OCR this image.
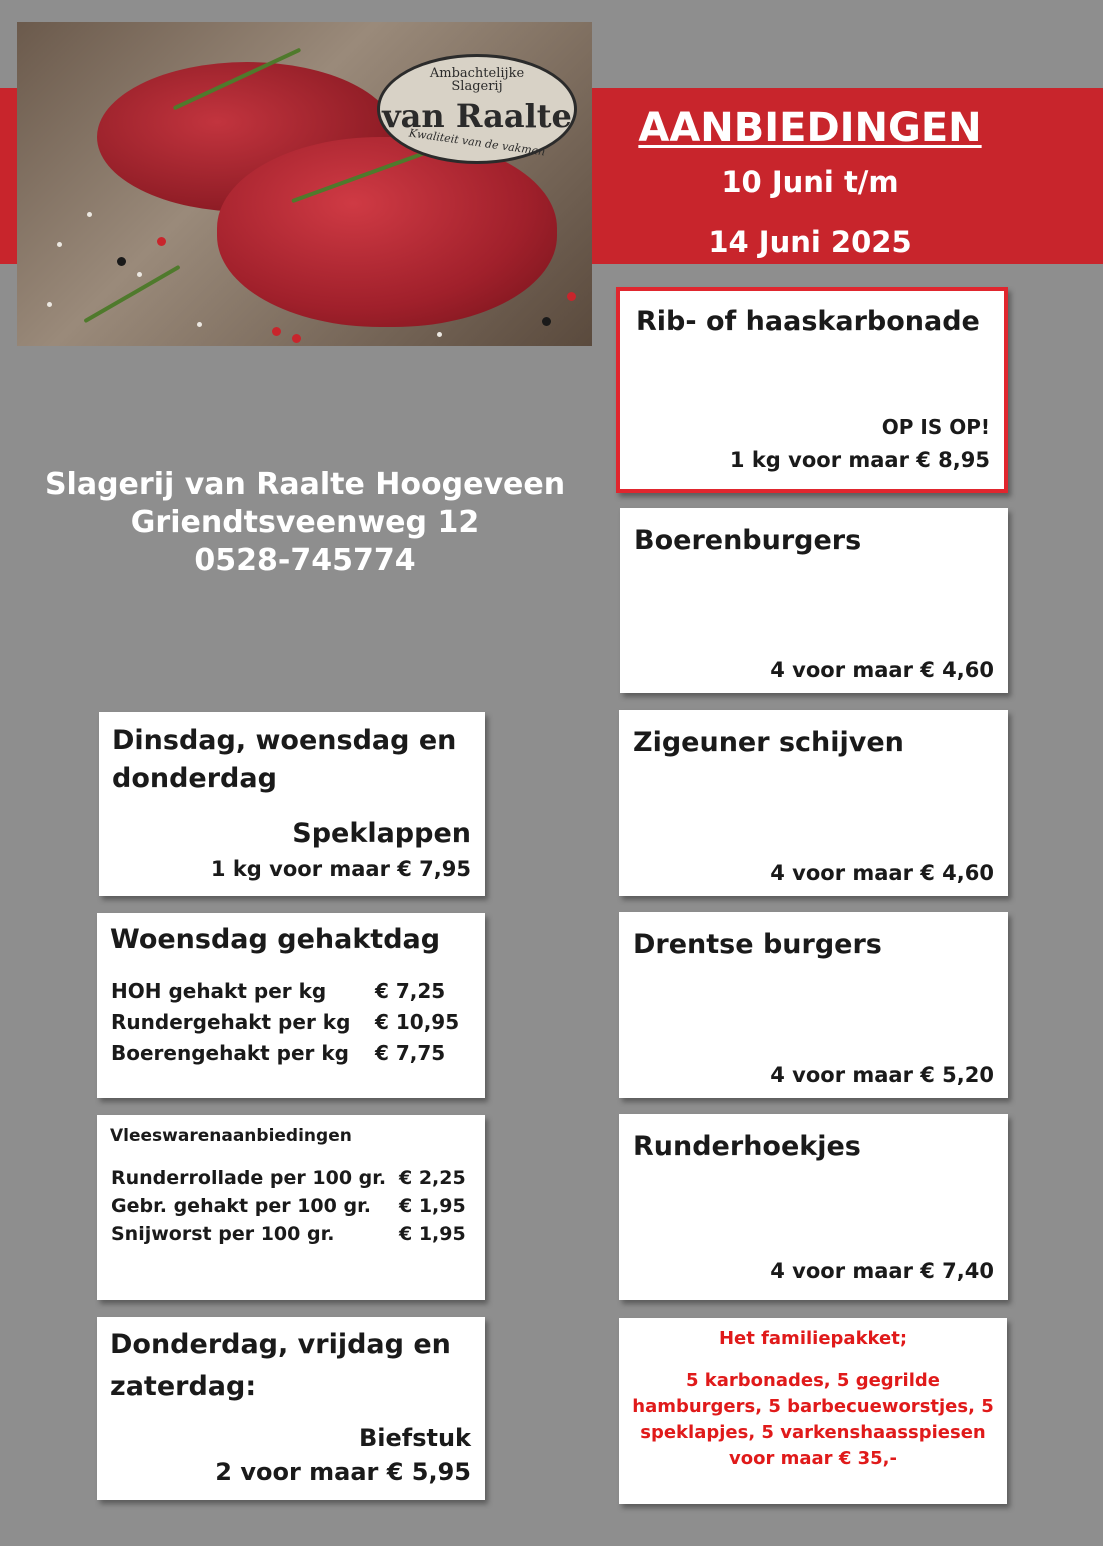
Ambachtelijke
Slagerij
van Raalte
Kwaliteit van de vakman	AANBIEDINGEN
10 Juni t/m
14 Juni 2025
Slagerij van Raalte Hoogeveen
Griendtsveenweg 12
0528-745774
Rib- of haaskarbonade
OP IS OP!
1 kg voor maar € 8,95
Boerenburgers
4 voor maar € 4,60
Zigeuner schijven
4 voor maar € 4,60
Drentse burgers
4 voor maar € 5,20
Runderhoekjes
4 voor maar € 7,40
Het familiepakket;
5 karbonades, 5 gegrilde
hamburgers, 5 barbecueworstjes, 5
speklapjes, 5 varkenshaasspiesen
voor maar € 35,-
Dinsdag, woensdag en
donderdag
Speklappen
1 kg voor maar € 7,95
Woensdag gehaktdag
HOH gehakt per kg € 7,25
Rundergehakt per kg € 10,95
Boerengehakt per kg € 7,75
Vleeswarenaanbiedingen
Runderrollade per 100 gr. € 2,25
Gebr. gehakt per 100 gr. € 1,95
Snijworst per 100 gr.	€ 1,95
Donderdag, vrijdag en
zaterdag:
Biefstuk
2 voor maar € 5,95
